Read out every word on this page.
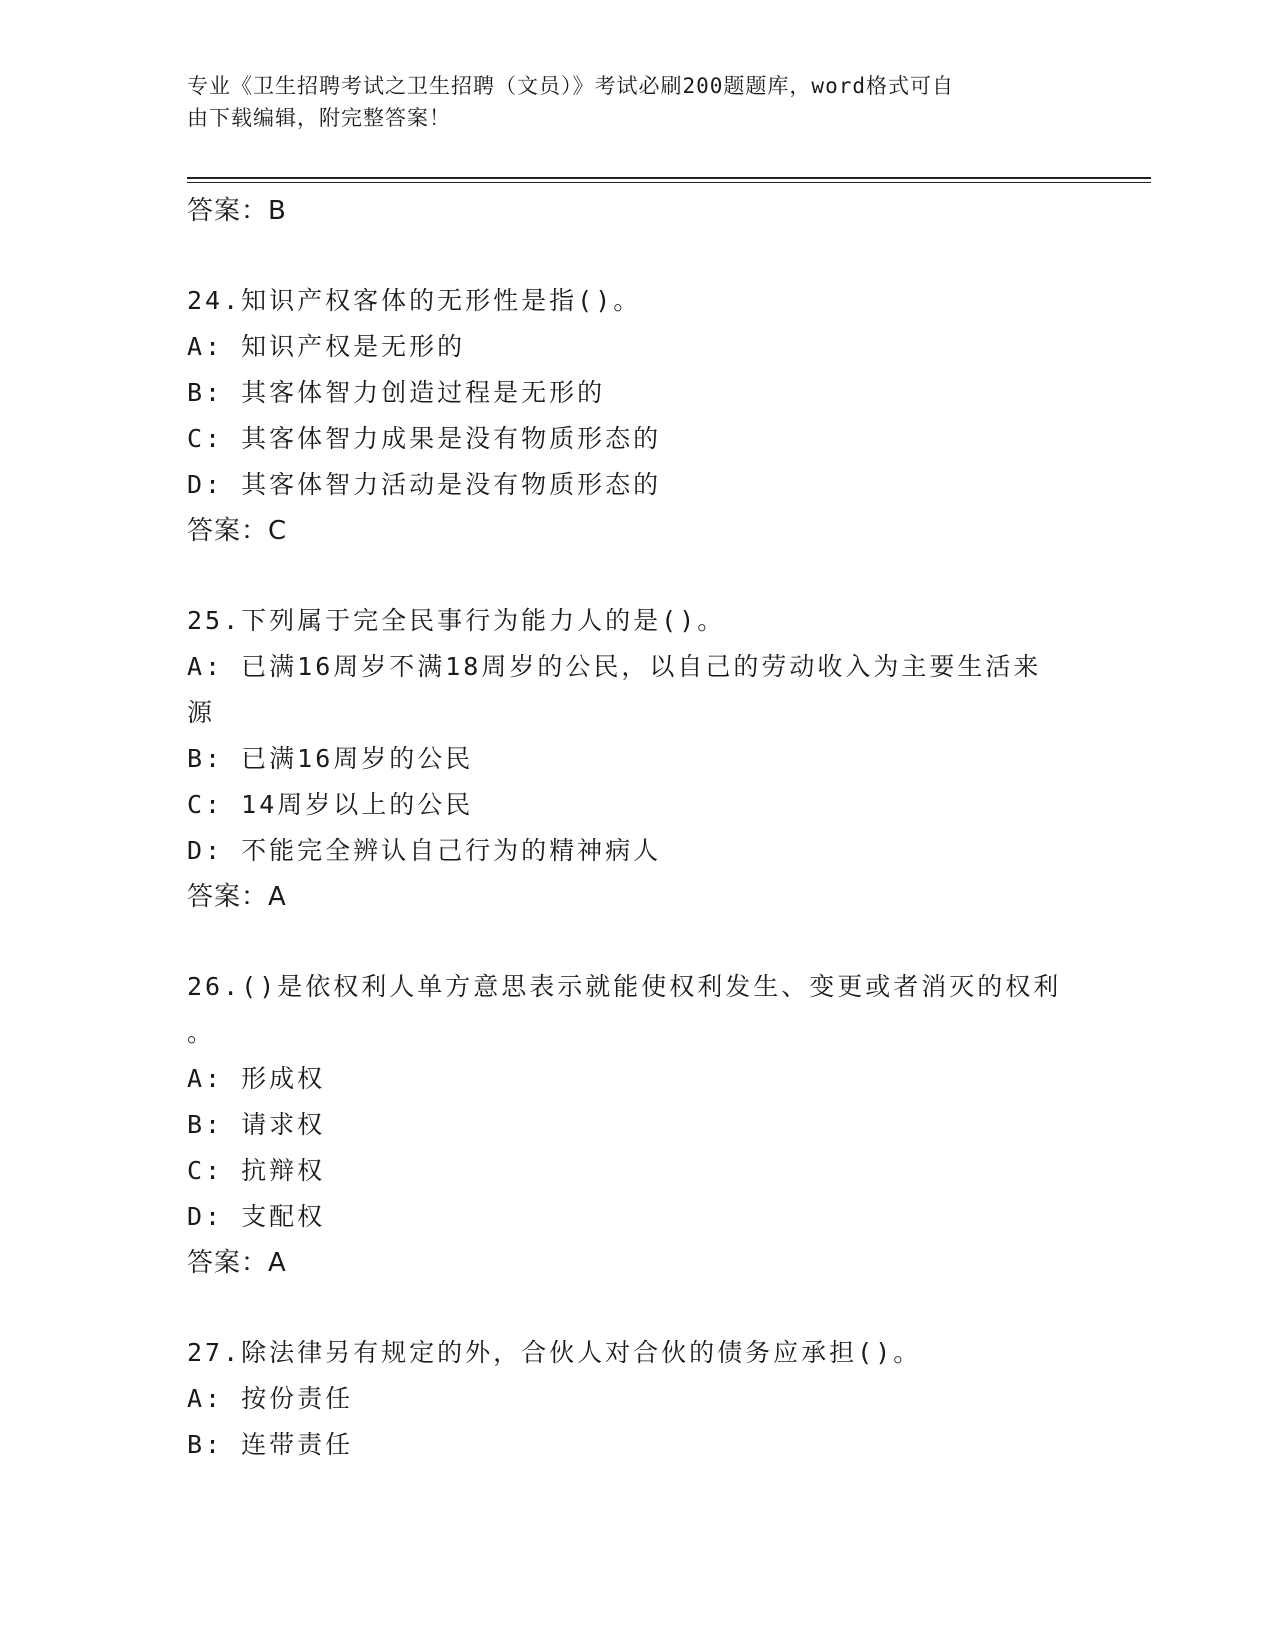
专业《卫生招聘考试之卫生招聘（文员）》考试必刷200题题库，word格式可自
由下载编辑，附完整答案！
答案：B
24.知识产权客体的无形性是指()。
A: 知识产权是无形的
B: 其客体智力创造过程是无形的
C: 其客体智力成果是没有物质形态的
D: 其客体智力活动是没有物质形态的
答案：C
25.下列属于完全民事行为能力人的是()。
A: 已满16周岁不满18周岁的公民，以自己的劳动收入为主要生活来
源
B: 已满16周岁的公民
C: 14周岁以上的公民
D: 不能完全辨认自己行为的精神病人
答案：A
26.()是依权利人单方意思表示就能使权利发生、变更或者消灭的权利
。
A: 形成权
B: 请求权
C: 抗辩权
D: 支配权
答案：A
27.除法律另有规定的外，合伙人对合伙的债务应承担()。
A: 按份责任
B: 连带责任
